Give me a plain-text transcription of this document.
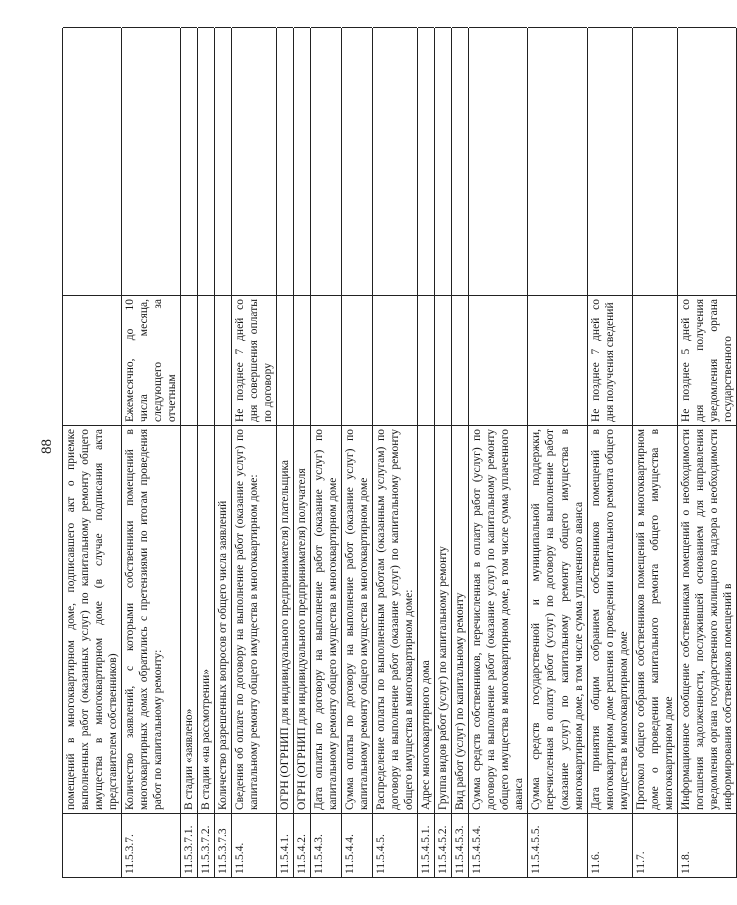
88 помещений в многоквартирном доме, подписавшего акт о приемке выполненных работ (оказанных услуг) по капитальному ремонту общего имущества в многоквартирном доме (в случае подписания акта представителем собственников)
11.5.3.7.
Количество заявлений, с которыми собственники помещений в многоквартирных домах обратились с претензиями по итогам проведения работ по капитальному ремонту:
Ежемесячно, до 10 числа месяца, следующего за отчетным
11.5.3.7.1.
В стадии «заявлено»
11.5.3.7.2.
В стадии «на рассмотрении»
11.5.3.7.3
Количество разрешенных вопросов от общего числа заявлений
11.5.4.
Сведения об оплате по договору на выполнение работ (оказание услуг) по капитальному ремонту общего имущества в многоквартирном доме:
Не позднее 7 дней со дня совершения оплаты по договору
11.5.4.1.
ОГРН (ОГРНИП для индивидуального предпринимателя) плательщика
11.5.4.2.
ОГРН (ОГРНИП для индивидуального предпринимателя) получателя
11.5.4.3.
Дата оплаты по договору на выполнение работ (оказание услуг) по капитальному ремонту общего имущества в многоквартирном доме
11.5.4.4.
Сумма оплаты по договору на выполнение работ (оказание услуг) по капитальному ремонту общего имущества в многоквартирном доме
11.5.4.5.
Распределение оплаты по выполненным работам (оказанным услугам) по договору на выполнение работ (оказание услуг) по капитальному ремонту общего имущества в многоквартирном доме:
11.5.4.5.1.
Адрес многоквартирного дома
11.5.4.5.2.
Группа видов работ (услуг) по капитальному ремонту
11.5.4.5.3.
Вид работ (услуг) по капитальному ремонту
11.5.4.5.4.
Сумма средств собственников, перечисленная в оплату работ (услуг) по договору на выполнение работ (оказание услуг) по капитальному ремонту общего имущества в многоквартирном доме, в том числе сумма уплаченного аванса
11.5.4.5.5.
Сумма средств государственной и муниципальной поддержки, перечисленная в оплату работ (услуг) по договору на выполнение работ (оказание услуг) по капитальному ремонту общего имущества в многоквартирном доме, в том числе сумма уплаченного аванса
11.6.
Дата принятия общим собранием собственников помещений в многоквартирном доме решения о проведении капитального ремонта общего имущества в многоквартирном доме
Не позднее 7 дней со дня получения сведений
11.7.
Протокол общего собрания собственников помещений в многоквартирном доме о проведении капитального ремонта общего имущества в многоквартирном доме
11.8.
Информационное сообщение собственникам помещений о необходимости погашения задолженности, послужившей основанием для направления уведомления органа государственного жилищного надзора о необходимости информирования собственников помещений в
Не позднее 5 дней со дня получения уведомления органа государственного
